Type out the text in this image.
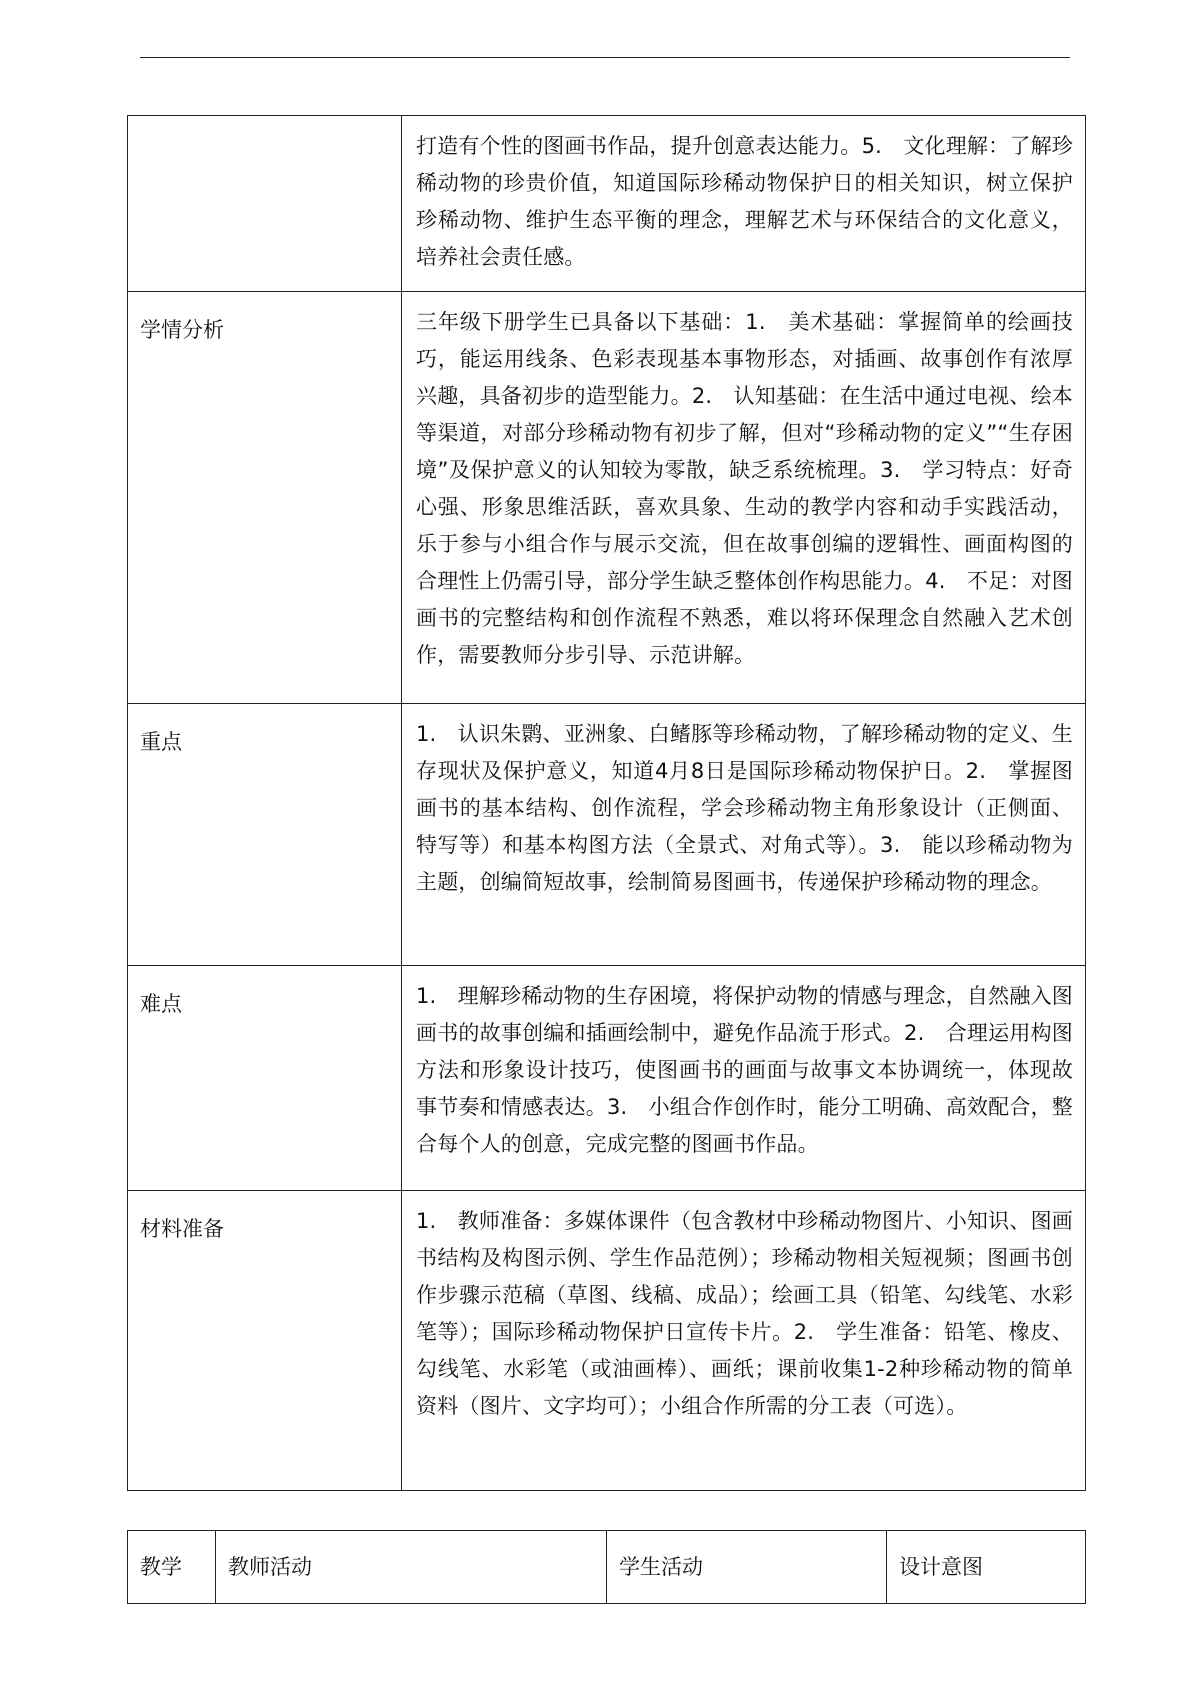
	打造有个性的图画书作品，提升创意表达能力。5.　文化理解：了解珍稀动物的珍贵价值，知道国际珍稀动物保护日的相关知识，树立保护珍稀动物、维护生态平衡的理念，理解艺术与环保结合的文化意义，培养社会责任感。

学情分析	三年级下册学生已具备以下基础：1.　美术基础：掌握简单的绘画技巧，能运用线条、色彩表现基本事物形态，对插画、故事创作有浓厚兴趣，具备初步的造型能力。2.　认知基础：在生活中通过电视、绘本等渠道，对部分珍稀动物有初步了解，但对“珍稀动物的定义”“生存困境”及保护意义的认知较为零散，缺乏系统梳理。3.　学习特点：好奇心强、形象思维活跃，喜欢具象、生动的教学内容和动手实践活动，乐于参与小组合作与展示交流，但在故事创编的逻辑性、画面构图的合理性上仍需引导，部分学生缺乏整体创作构思能力。4.　不足：对图画书的完整结构和创作流程不熟悉，难以将环保理念自然融入艺术创作，需要教师分步引导、示范讲解。

重点	1.　认识朱鹮、亚洲象、白鳍豚等珍稀动物，了解珍稀动物的定义、生存现状及保护意义，知道4月8日是国际珍稀动物保护日。2.　掌握图画书的基本结构、创作流程，学会珍稀动物主角形象设计（正侧面、特写等）和基本构图方法（全景式、对角式等）。3.　能以珍稀动物为主题，创编简短故事，绘制简易图画书，传递保护珍稀动物的理念。

难点	1.　理解珍稀动物的生存困境，将保护动物的情感与理念，自然融入图画书的故事创编和插画绘制中，避免作品流于形式。2.　合理运用构图方法和形象设计技巧，使图画书的画面与故事文本协调统一，体现故事节奏和情感表达。3.　小组合作创作时，能分工明确、高效配合，整合每个人的创意，完成完整的图画书作品。

材料准备	1.　教师准备：多媒体课件（包含教材中珍稀动物图片、小知识、图画书结构及构图示例、学生作品范例）；珍稀动物相关短视频；图画书创作步骤示范稿（草图、线稿、成品）；绘画工具（铅笔、勾线笔、水彩笔等）；国际珍稀动物保护日宣传卡片。2.　学生准备：铅笔、橡皮、勾线笔、水彩笔（或油画棒）、画纸；课前收集1-2种珍稀动物的简单资料（图片、文字均可）；小组合作所需的分工表（可选）。
教学	教师活动	学生活动	设计意图
